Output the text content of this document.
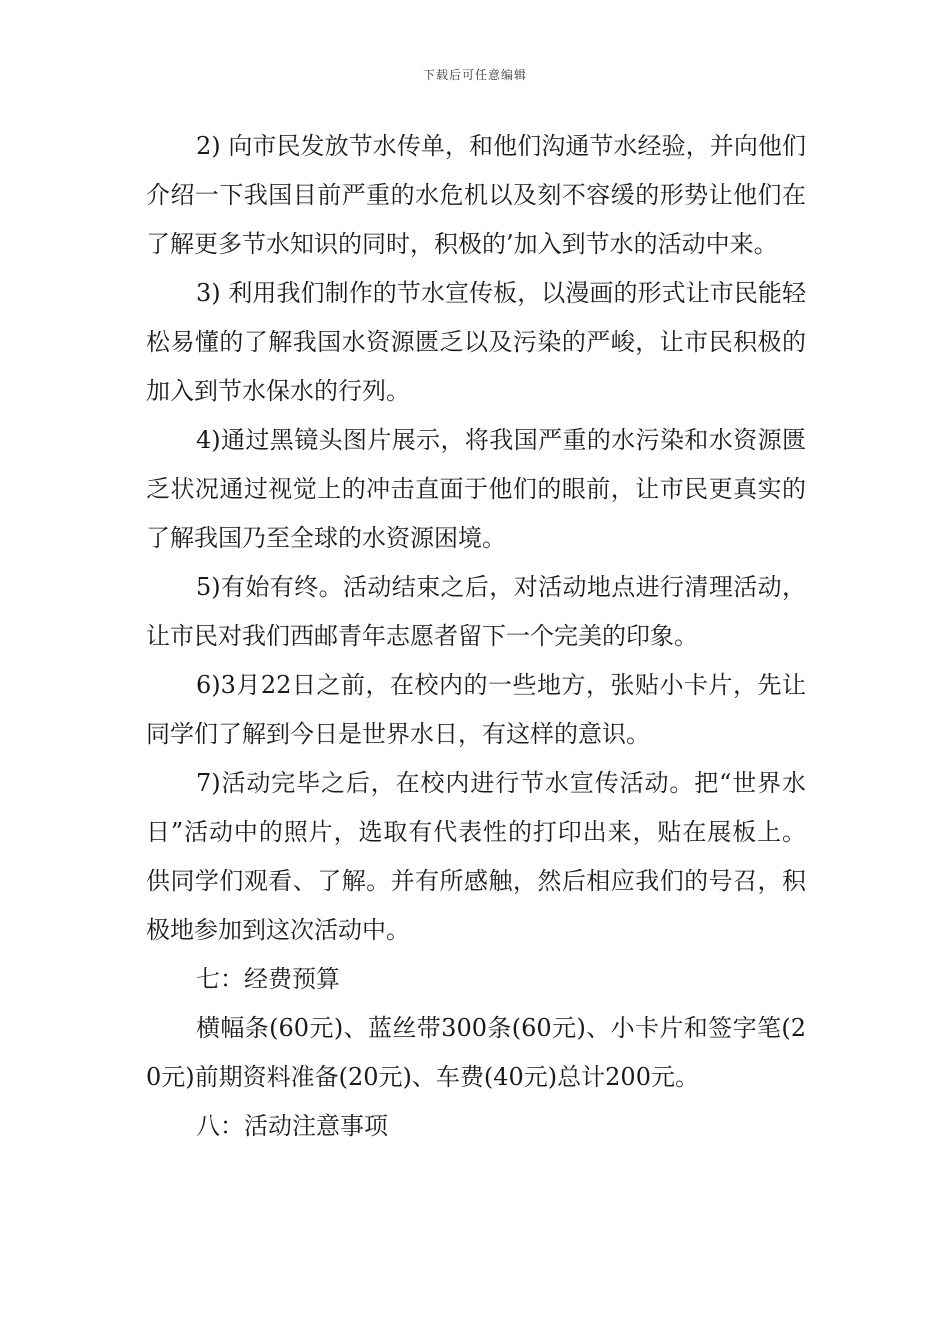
下载后可任意编辑

2) 向市民发放节水传单，和他们沟通节水经验，并向他们介绍一下我国目前严重的水危机以及刻不容缓的形势让他们在了解更多节水知识的同时，积极的’加入到节水的活动中来。

3) 利用我们制作的节水宣传板，以漫画的形式让市民能轻松易懂的了解我国水资源匮乏以及污染的严峻，让市民积极的加入到节水保水的行列。

4)通过黑镜头图片展示，将我国严重的水污染和水资源匮乏状况通过视觉上的冲击直面于他们的眼前，让市民更真实的了解我国乃至全球的水资源困境。

5)有始有终。活动结束之后，对活动地点进行清理活动，让市民对我们西邮青年志愿者留下一个完美的印象。

6)3月22日之前，在校内的一些地方，张贴小卡片，先让同学们了解到今日是世界水日，有这样的意识。

7)活动完毕之后，在校内进行节水宣传活动。把“世界水日”活动中的照片，选取有代表性的打印出来，贴在展板上。供同学们观看、了解。并有所感触，然后相应我们的号召，积极地参加到这次活动中。

七：经费预算

横幅条(60元)、蓝丝带300条(60元)、小卡片和签字笔(20元)前期资料准备(20元)、车费(40元)总计200元。

八：活动注意事项
